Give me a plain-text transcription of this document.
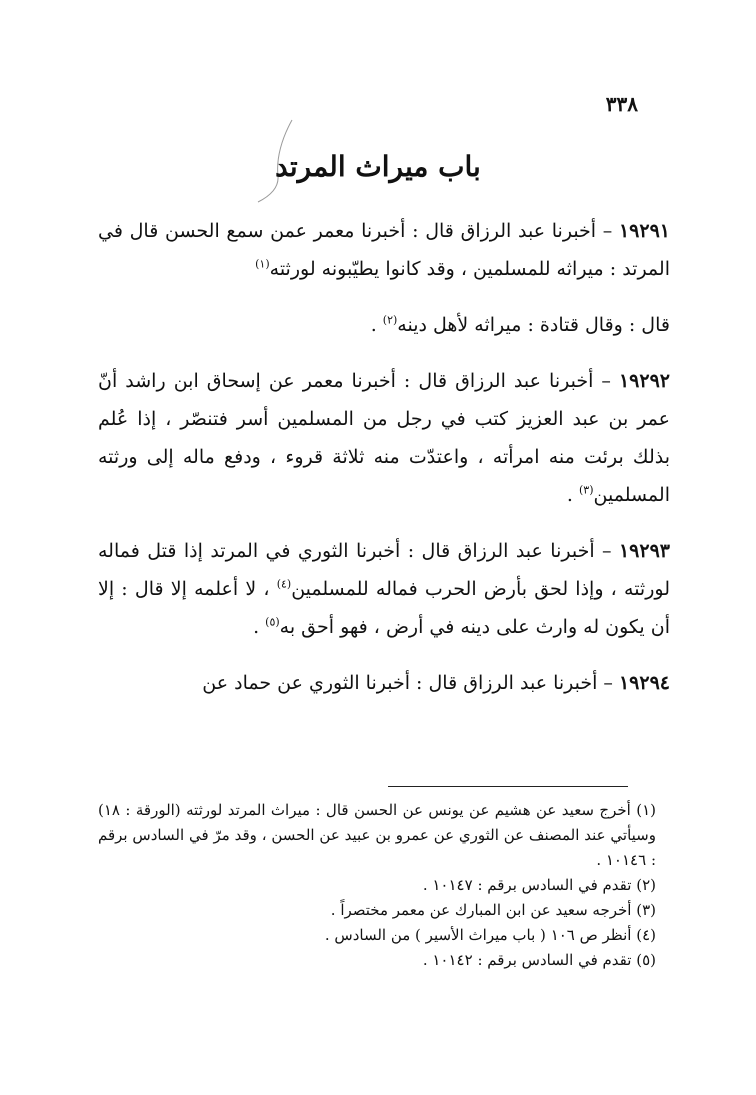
٣٣٨
باب ميراث المرتد

١٩٢٩١ – أخبرنا عبد الرزاق قال : أخبرنا معمر عمن سمع الحسن قال في المرتد : ميراثه للمسلمين ، وقد كانوا يطيّبونه لورثته$^{(١)}$

قال : وقال قتادة : ميراثه لأهل دينه$^{(٢)}$ .

١٩٢٩٢ – أخبرنا عبد الرزاق قال : أخبرنا معمر عن إسحاق ابن راشد أنّ عمر بن عبد العزيز كتب في رجل من المسلمين أسر فتنصّر ، إذا عُلم بذلك برئت منه امرأته ، واعتدّت منه ثلاثة قروء ، ودفع ماله إلى ورثته المسلمين$^{(٣)}$ .

١٩٢٩٣ – أخبرنا عبد الرزاق قال : أخبرنا الثوري في المرتد إذا قتل فماله لورثته ، وإذا لحق بأرض الحرب فماله للمسلمين$^{(٤)}$ ، لا أعلمه إلا قال : إلا أن يكون له وارث على دينه في أرض ، فهو أحق به$^{(٥)}$ .

١٩٢٩٤ – أخبرنا عبد الرزاق قال : أخبرنا الثوري عن حماد عن

(١) أخرج سعيد عن هشيم عن يونس عن الحسن قال : ميراث المرتد لورثته (الورقة : ١٨) وسيأتي عند المصنف عن الثوري عن عمرو بن عبيد عن الحسن ، وقد مرّ في السادس برقم : ١٠١٤٦ .

(٢) تقدم في السادس برقم : ١٠١٤٧ .

(٣) أخرجه سعيد عن ابن المبارك عن معمر مختصراً .

(٤) أنظر ص ١٠٦ ( باب ميراث الأسير ) من السادس .

(٥) تقدم في السادس برقم : ١٠١٤٢ .
